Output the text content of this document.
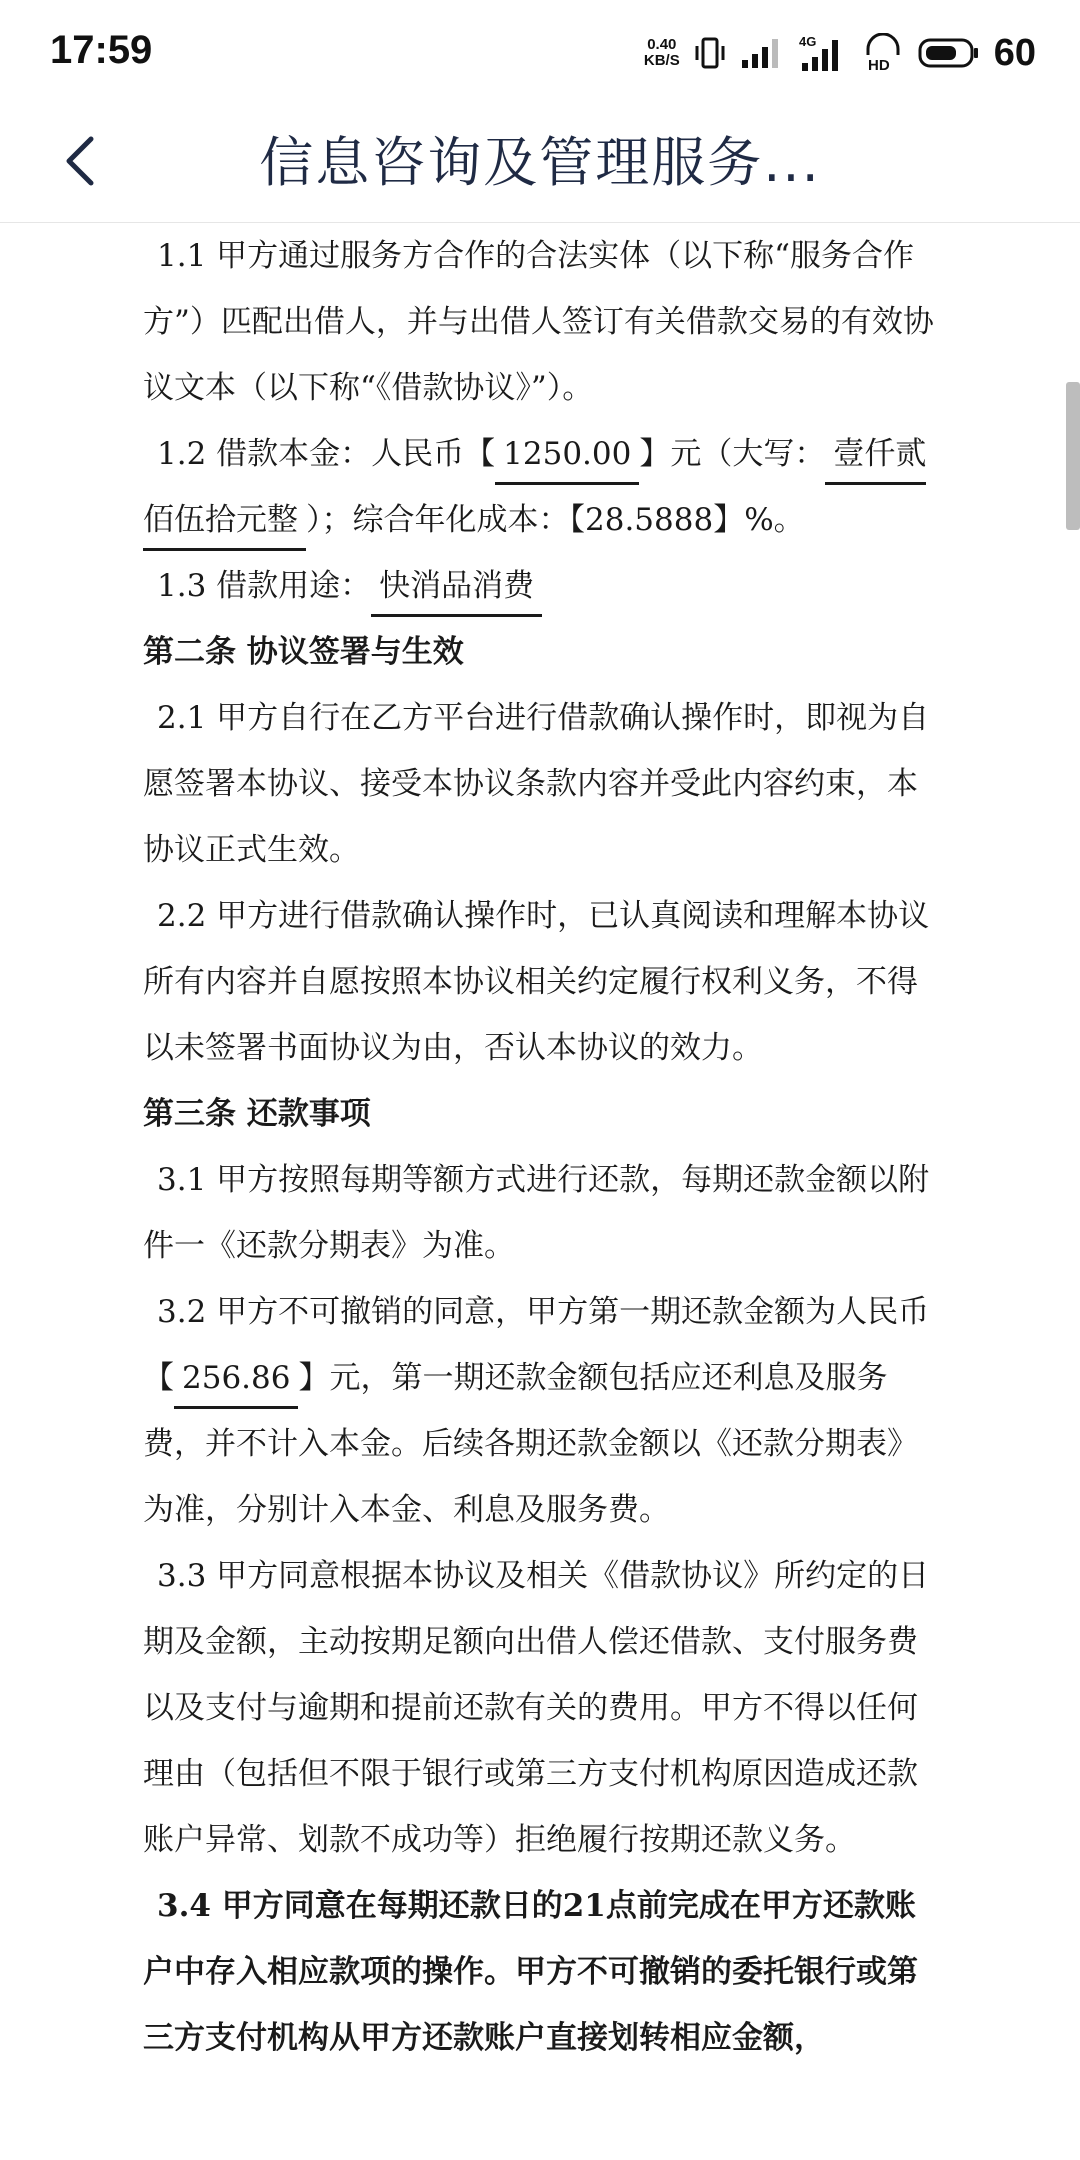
17:59	0.40
KB/S
4G
HD	60
信息咨询及管理服务...

1.1 甲方通过服务方合作的合法实体（以下称“服务合作方”）匹配出借人，并与出借人签订有关借款交易的有效协议文本（以下称“《借款协议》”）。

1.2 借款本金：人民币【 1250.00 】元（大写： 壹仟贰佰伍拾元整 ）；综合年化成本：【28.5888】%。

1.3 借款用途： 快消品消费

第二条 协议签署与生效

2.1 甲方自行在乙方平台进行借款确认操作时，即视为自愿签署本协议、接受本协议条款内容并受此内容约束，本协议正式生效。

2.2 甲方进行借款确认操作时，已认真阅读和理解本协议所有内容并自愿按照本协议相关约定履行权利义务，不得以未签署书面协议为由，否认本协议的效力。

第三条 还款事项

3.1 甲方按照每期等额方式进行还款，每期还款金额以附件一《还款分期表》为准。

3.2 甲方不可撤销的同意，甲方第一期还款金额为人民币【 256.86 】元，第一期还款金额包括应还利息及服务费，并不计入本金。后续各期还款金额以《还款分期表》为准，分别计入本金、利息及服务费。

3.3 甲方同意根据本协议及相关《借款协议》所约定的日期及金额，主动按期足额向出借人偿还借款、支付服务费以及支付与逾期和提前还款有关的费用。甲方不得以任何理由（包括但不限于银行或第三方支付机构原因造成还款账户异常、划款不成功等）拒绝履行按期还款义务。

3.4 甲方同意在每期还款日的21点前完成在甲方还款账户中存入相应款项的操作。甲方不可撤销的委托银行或第三方支付机构从甲方还款账户直接划转相应金额，
